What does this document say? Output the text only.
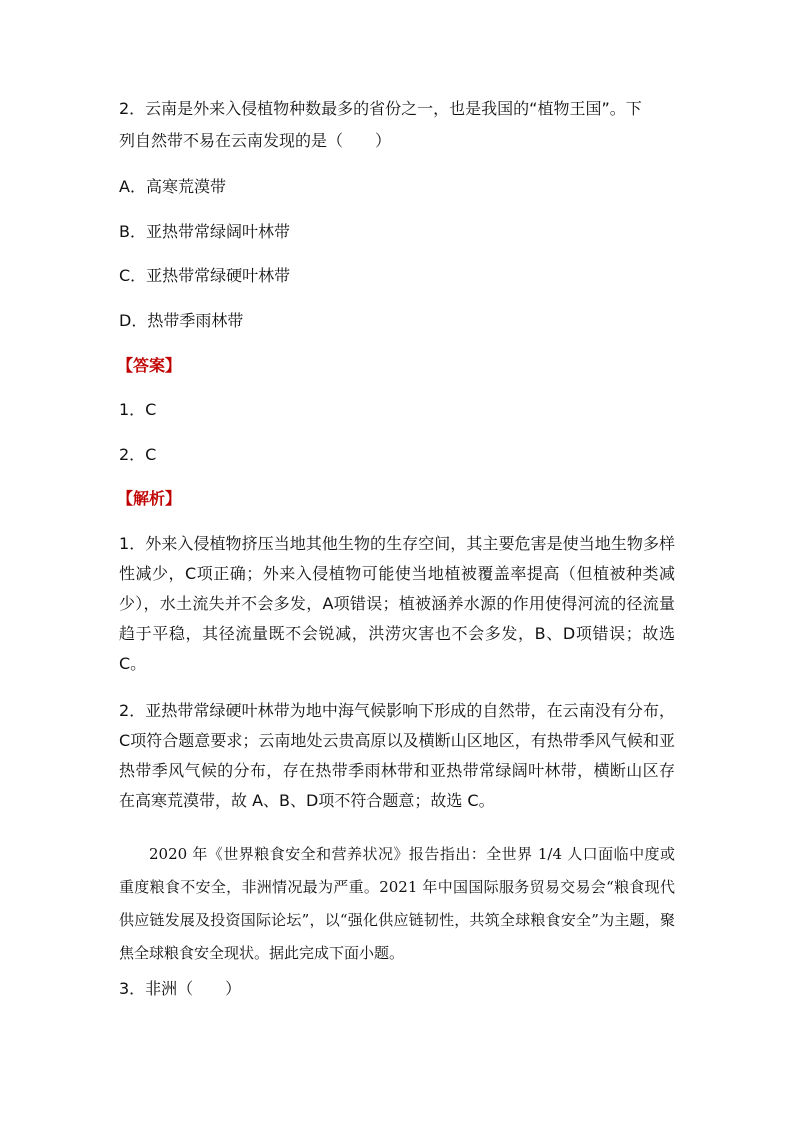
2．云南是外来入侵植物种数最多的省份之一，也是我国的“植物王国”。下
列自然带不易在云南发现的是（　　）
A．高寒荒漠带
B．亚热带常绿阔叶林带
C．亚热带常绿硬叶林带
D．热带季雨林带
【答案】
1．C
2．C
【解析】
1．外来入侵植物挤压当地其他生物的生存空间，其主要危害是使当地生物多样性减少，C项正确；外来入侵植物可能使当地植被覆盖率提高（但植被种类减少），水土流失并不会多发，A项错误；植被涵养水源的作用使得河流的径流量趋于平稳，其径流量既不会锐减，洪涝灾害也不会多发，B、D项错误；故选 C。
2．亚热带常绿硬叶林带为地中海气候影响下形成的自然带，在云南没有分布，C项符合题意要求；云南地处云贵高原以及横断山区地区，有热带季风气候和亚热带季风气候的分布，存在热带季雨林带和亚热带常绿阔叶林带，横断山区存在高寒荒漠带，故 A、B、D项不符合题意；故选 C。
2020 年《世界粮食安全和营养状况》报告指出：全世界 1/4 人口面临中度或重度粮食不安全，非洲情况最为严重。2021 年中国国际服务贸易交易会“粮食现代供应链发展及投资国际论坛”，以“强化供应链韧性，共筑全球粮食安全”为主题，聚焦全球粮食安全现状。据此完成下面小题。
3．非洲（　　）
